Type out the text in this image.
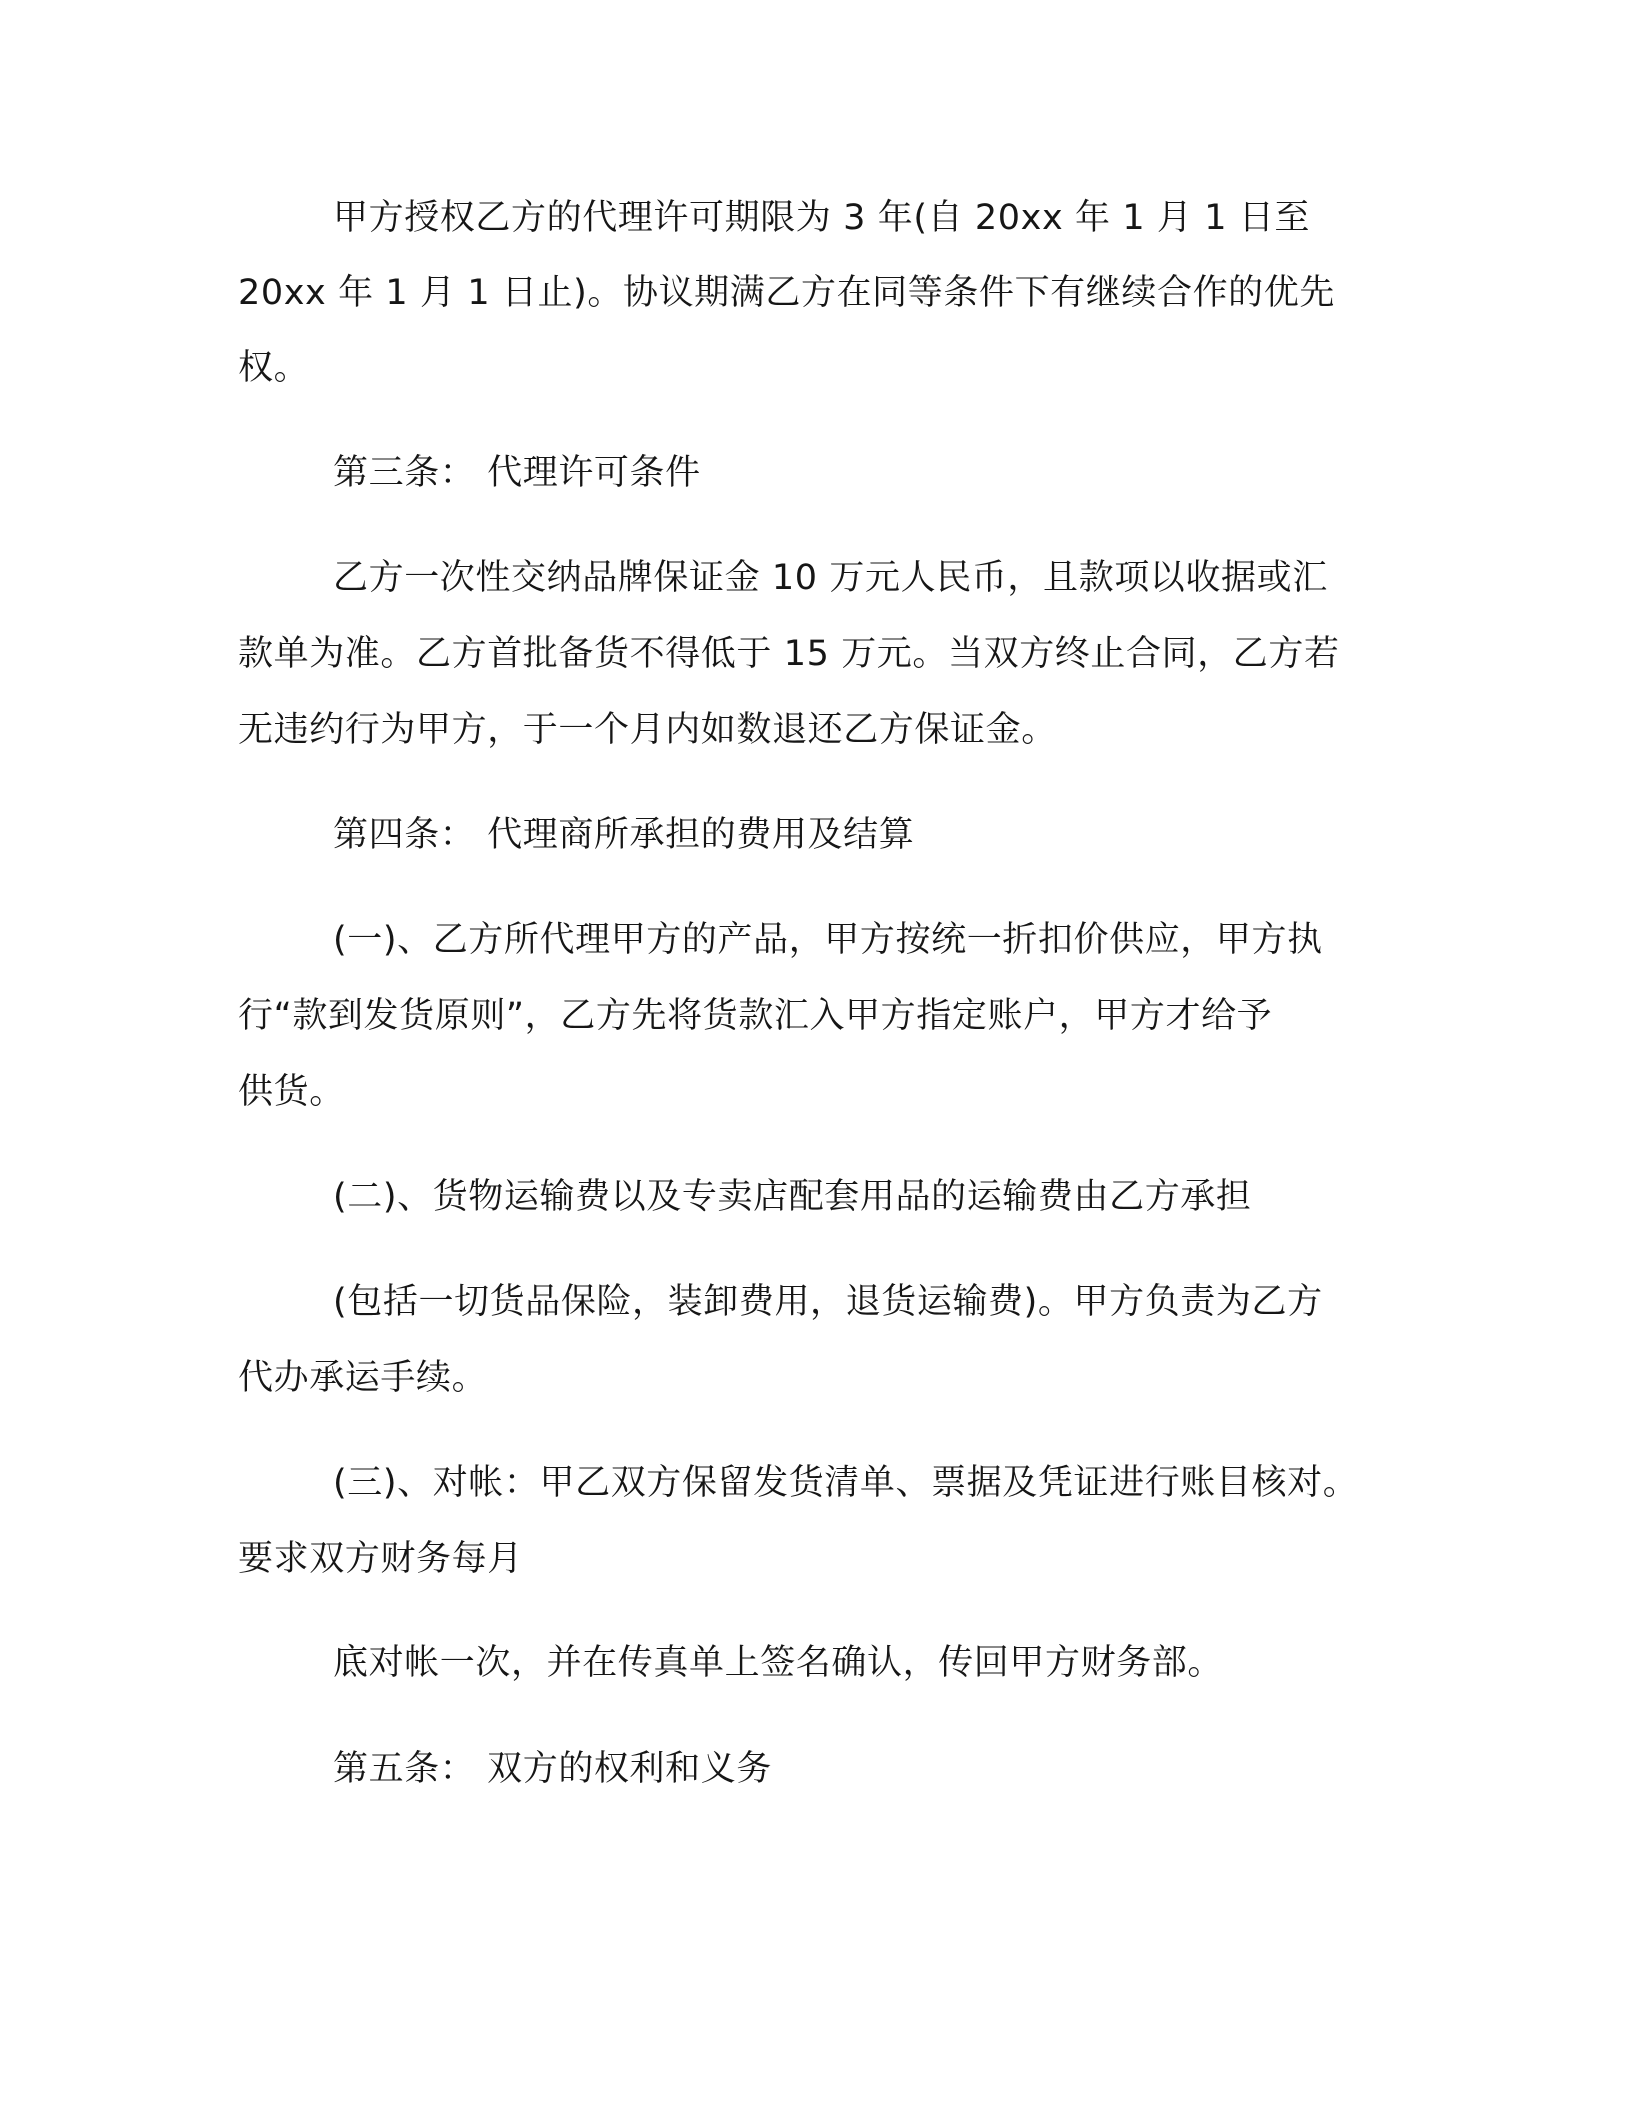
甲方授权乙方的代理许可期限为 3 年(自 20xx 年 1 月 1 日至
20xx 年 1 月 1 日止)。协议期满乙方在同等条件下有继续合作的优先
权。
第三条： 代理许可条件
乙方一次性交纳品牌保证金 10 万元人民币，且款项以收据或汇
款单为准。乙方首批备货不得低于 15 万元。当双方终止合同，乙方若
无违约行为甲方，于一个月内如数退还乙方保证金。
第四条： 代理商所承担的费用及结算
(一)、乙方所代理甲方的产品，甲方按统一折扣价供应，甲方执
行“款到发货原则”，乙方先将货款汇入甲方指定账户，甲方才给予
供货。
(二)、货物运输费以及专卖店配套用品的运输费由乙方承担
(包括一切货品保险，装卸费用，退货运输费)。甲方负责为乙方
代办承运手续。
(三)、对帐：甲乙双方保留发货清单、票据及凭证进行账目核对。
要求双方财务每月
底对帐一次，并在传真单上签名确认，传回甲方财务部。
第五条： 双方的权利和义务
